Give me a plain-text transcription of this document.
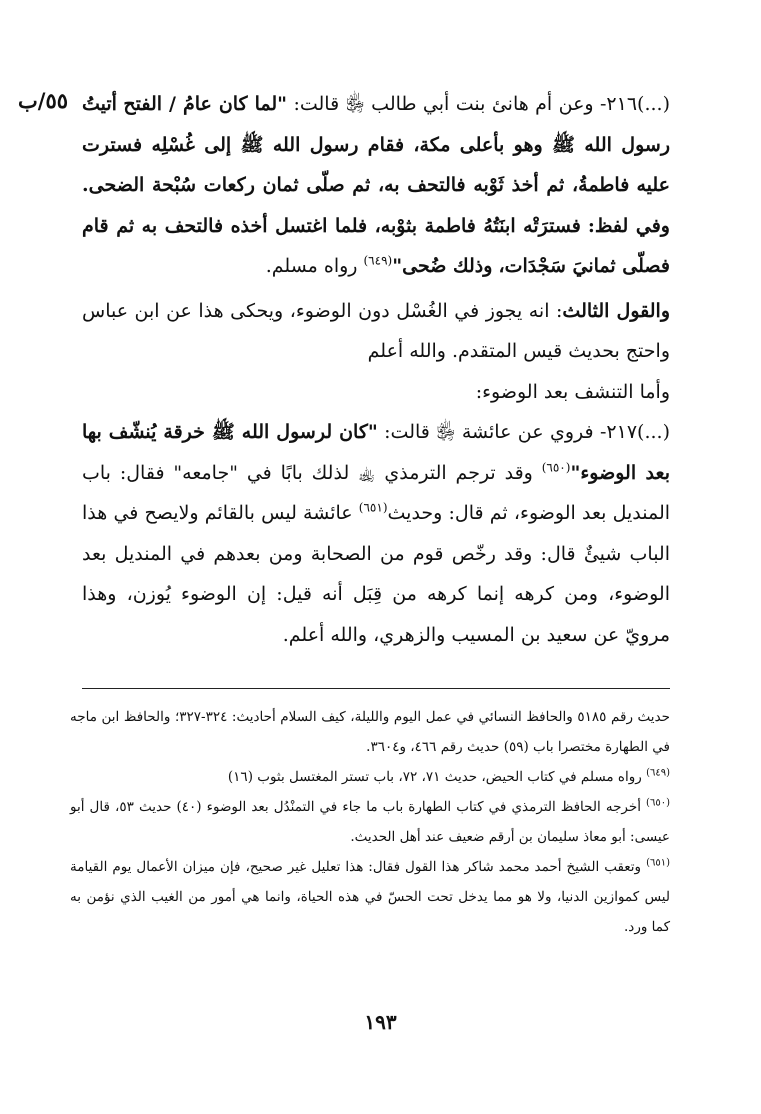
٥٥/ب	(...)٢١٦- وعن أم هانئ بنت أبي طالب ﵂ قالت: "لما كان عامُ / الفتح أتيتُ رسول الله ﷺ وهو بأعلى مكة، فقام رسول الله ﷺ إلى غُسْلِه فسترت عليه فاطمةُ، ثم أخذ ثَوْبه فالتحف به، ثم صلّى ثمان ركعات سُبْحة الضحى. وفي لفظ: فسترَتْه ابنَتُهُ فاطمة بثوْبه، فلما اغتسل أخذه فالتحف به ثم قام فصلّى ثمانيَ سَجْدَات، وذلك ضُحى"$^{(٦٤٩)}$ رواه مسلم.

والقول الثالث: انه يجوز في الغُسْل دون الوضوء، ويحكى هذا عن ابن عباس واحتج بحديث قيس المتقدم. والله أعلم

وأما التنشف بعد الوضوء:

(...)٢١٧- فروي عن عائشة ﵂ قالت: "كان لرسول الله ﷺ خرقة يُنشّف بها بعد الوضوء"$^{(٦٥٠)}$ وقد ترجم الترمذي ﵀ لذلك بابًا في "جامعه" فقال: باب المنديل بعد الوضوء، ثم قال: وحديث$^{(٦٥١)}$ عائشة ليس بالقائم ولايصح في هذا الباب شيئٌ قال: وقد رخّص قوم من الصحابة ومن بعدهم في المنديل بعد الوضوء، ومن كرهه إنما كرهه من قِبَل أنه قيل: إن الوضوء يُوزن، وهذا مرويّ عن سعيد بن المسيب والزهري، والله أعلم.

حديث رقم ٥١٨٥ والحافظ النسائي في عمل اليوم والليلة، كيف السلام أحاديث: ٣٢٤-٣٢٧؛ والحافظ ابن ماجه في الطهارة مختصرا باب (٥٩) حديث رقم ٤٦٦، و٣٦٠٤.

$^{(٦٤٩)}$ رواه مسلم في كتاب الحيض، حديث ٧١، ٧٢، باب تستر المغتسل بثوب (١٦)

$^{(٦٥٠)}$ أخرجه الحافظ الترمذي في كتاب الطهارة باب ما جاء في التمنْدُل بعد الوضوء (٤٠) حديث ٥٣، قال أبو عيسى: أبو معاذ سليمان بن أرقم ضعيف عند أهل الحديث.

$^{(٦٥١)}$ وتعقب الشيخ أحمد محمد شاكر هذا القول فقال: هذا تعليل غير صحيح، فإن ميزان الأعمال يوم القيامة ليس كموازين الدنيا، ولا هو مما يدخل تحت الحسّ في هذه الحياة، وانما هي أمور من الغيب الذي نؤمن به كما ورد.

١٩٣
